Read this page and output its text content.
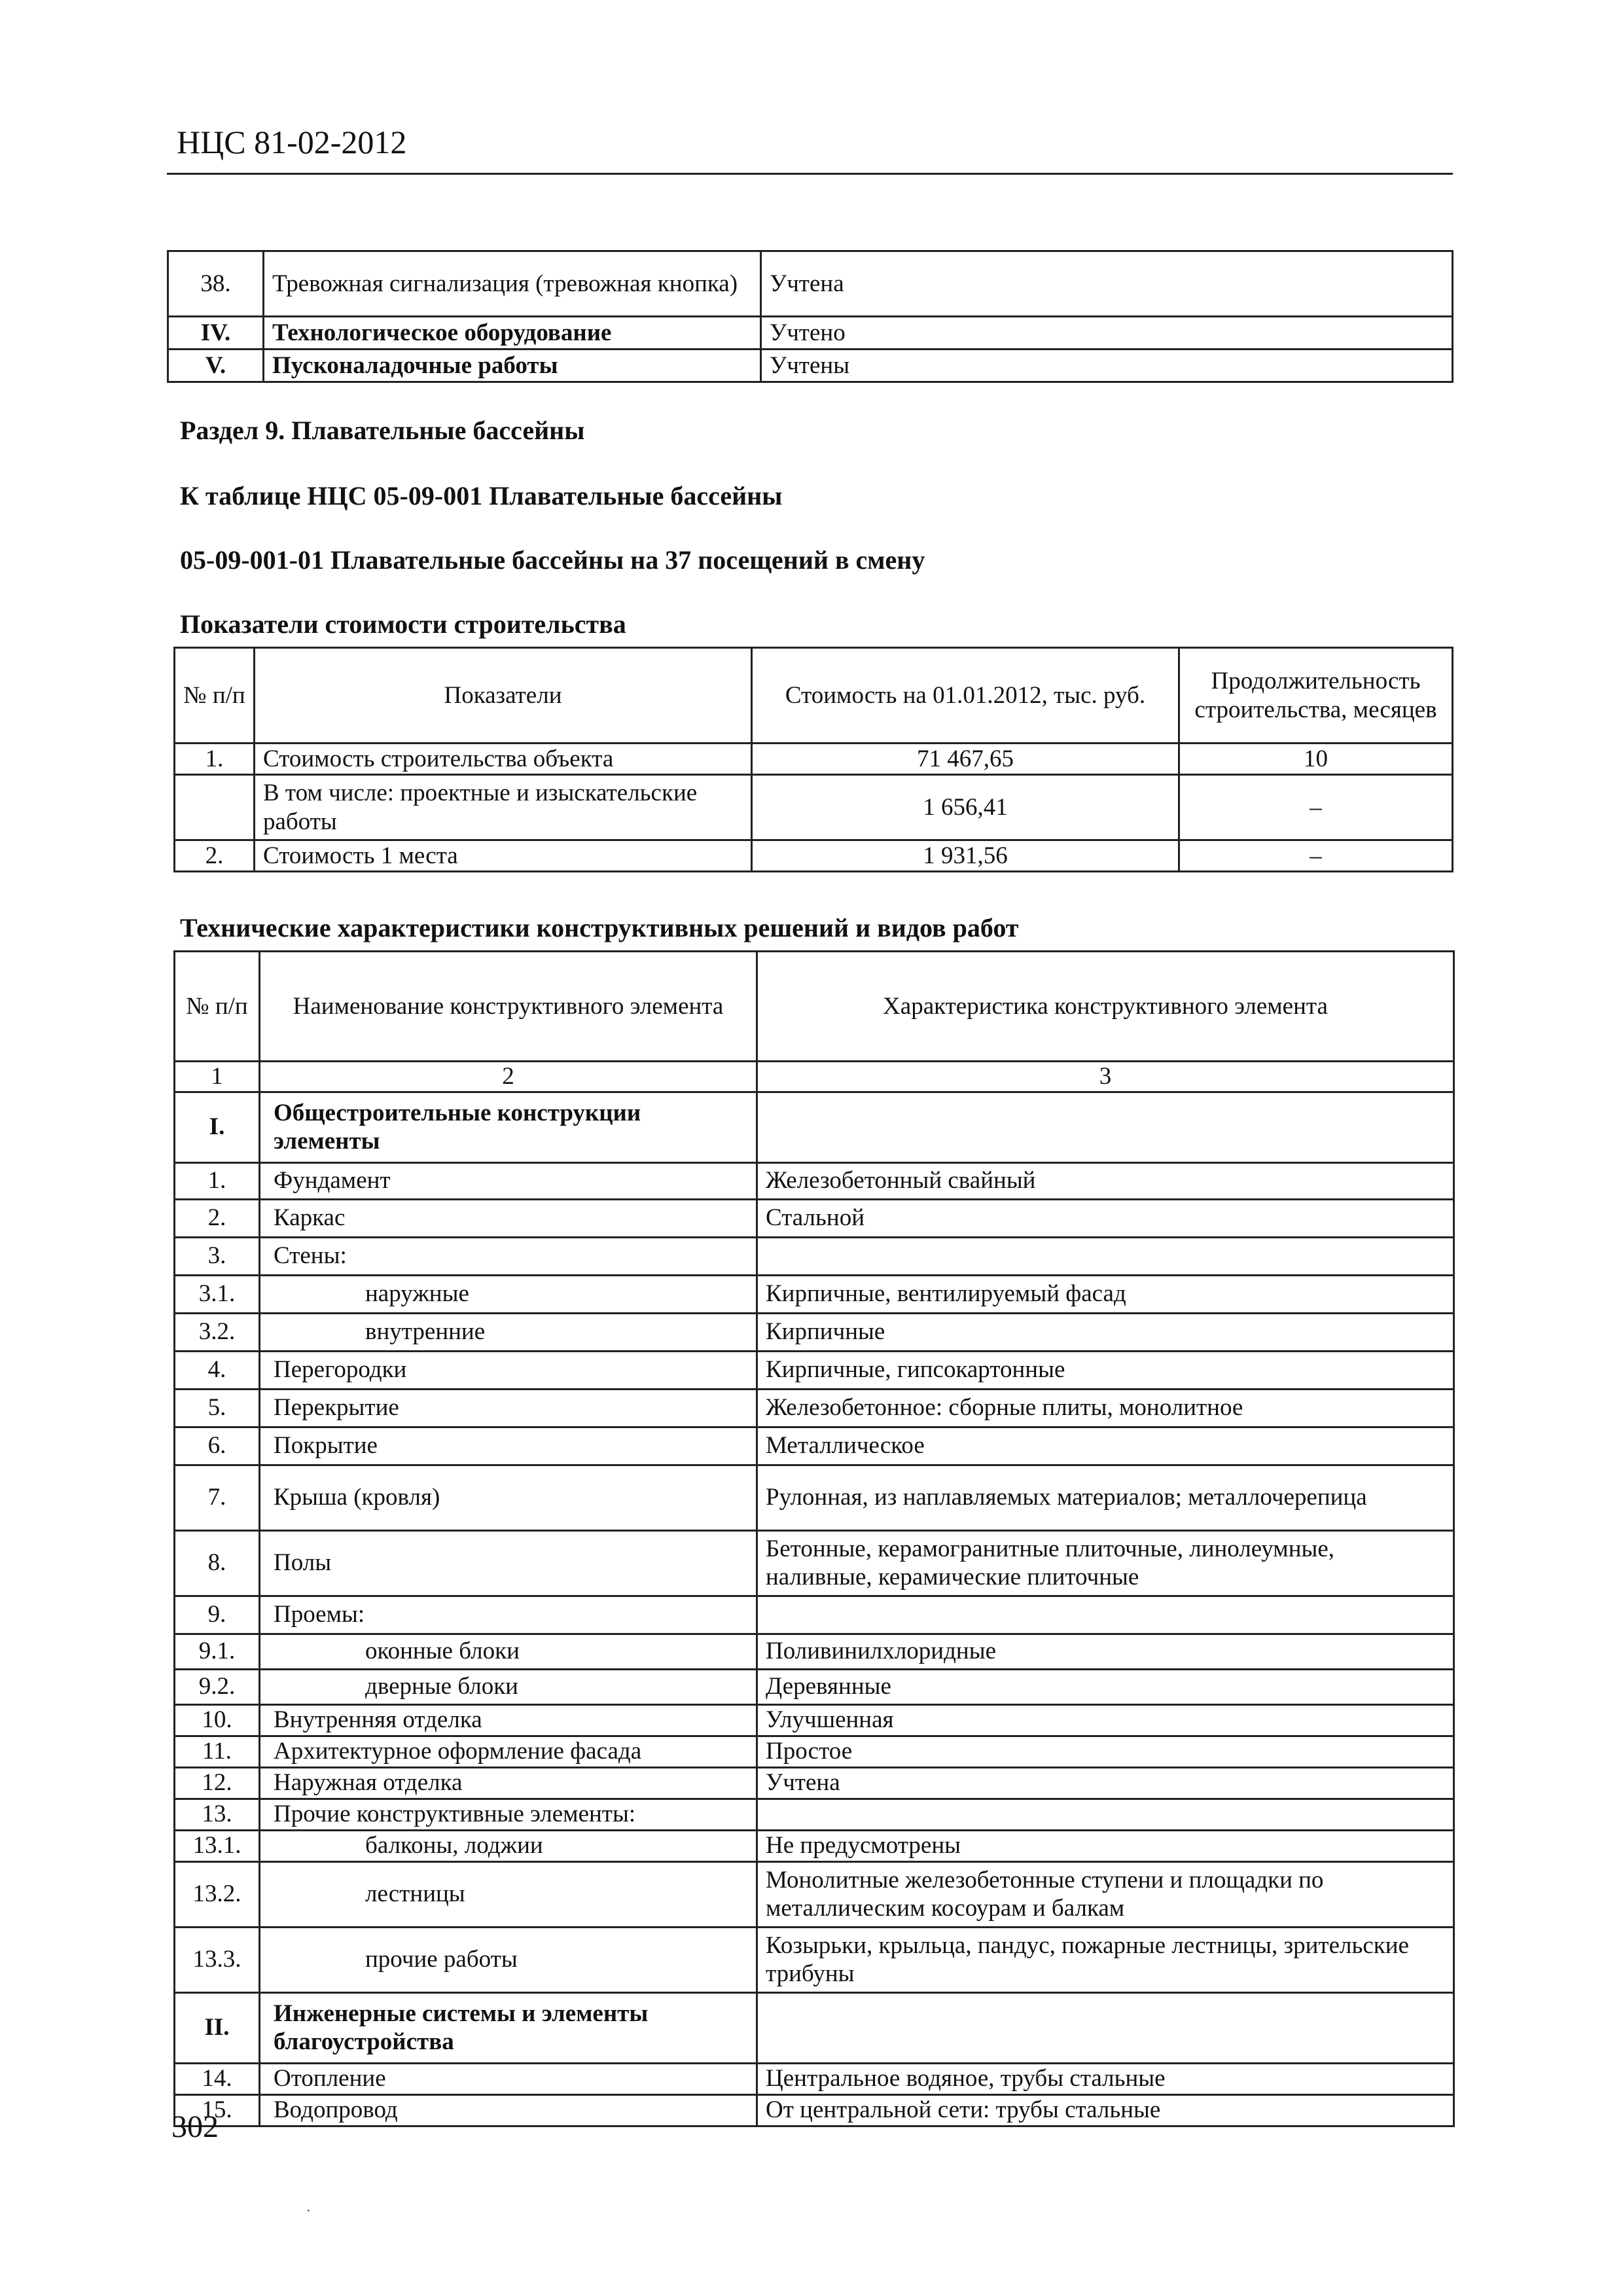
НЦС 81-02-2012
38.	Тревожная сигнализация (тревожная кнопка)	Учтена
IV.	Технологическое оборудование	Учтено
V.	Пусконаладочные работы	Учтены
Раздел 9. Плавательные бассейны
К таблице НЦС 05-09-001 Плавательные бассейны
05-09-001-01 Плавательные бассейны на 37 посещений в смену
Показатели стоимости строительства
№ п/п	Показатели	Стоимость на 01.01.2012, тыс. руб.	Продолжительность строительства, месяцев
1.	Стоимость строительства объекта	71 467,65	10
	В том числе: проектные и изыскательские работы	1 656,41	–
2.	Стоимость 1 места	1 931,56	–
Технические характеристики конструктивных решений и видов работ
№ п/п	Наименование конструктивного элемента	Характеристика конструктивного элемента
1	2	3
I.	Общестроительные конструкции элементы	
1.	Фундамент	Железобетонный свайный
2.	Каркас	Стальной
3.	Стены:	
3.1.	наружные	Кирпичные, вентилируемый фасад
3.2.	внутренние	Кирпичные
4.	Перегородки	Кирпичные, гипсокартонные
5.	Перекрытие	Железобетонное: сборные плиты, монолитное
6.	Покрытие	Металлическое
7.	Крыша (кровля)	Рулонная, из наплавляемых материалов; металлочерепица
8.	Полы	Бетонные, керамогранитные плиточные, линолеумные, наливные, керамические плиточные
9.	Проемы:	
9.1.	оконные блоки	Поливинилхлоридные
9.2.	дверные блоки	Деревянные
10.	Внутренняя отделка	Улучшенная
11.	Архитектурное оформление фасада	Простое
12.	Наружная отделка	Учтена
13.	Прочие конструктивные элементы:	
13.1.	балконы, лоджии	Не предусмотрены
13.2.	лестницы	Монолитные железобетонные ступени и площадки по металлическим косоурам и балкам
13.3.	прочие работы	Козырьки, крыльца, пандус, пожарные лестницы, зрительские трибуны
II.	Инженерные системы и элементы благоустройства	
14.	Отопление	Центральное водяное, трубы стальные
15.	Водопровод	От центральной сети: трубы стальные
302
·
